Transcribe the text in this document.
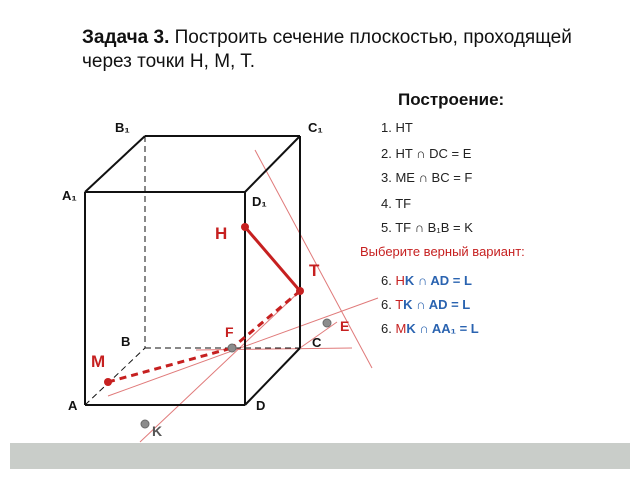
Задача 3. Построить сечение плоскостью, проходящей через точки H, M, T.
Построение:
1. HT
2. HT ∩ DC = E
3. ME ∩ BC = F
4. TF
5. TF ∩ B₁B = K
Выберите верный вариант:
6. HK ∩ AD = L
6. TK ∩ AD = L
6. MK ∩ AA₁ = L
B₁	C₁
A₁	D₁
A
B	C
D
H
T
M
E
F
K
